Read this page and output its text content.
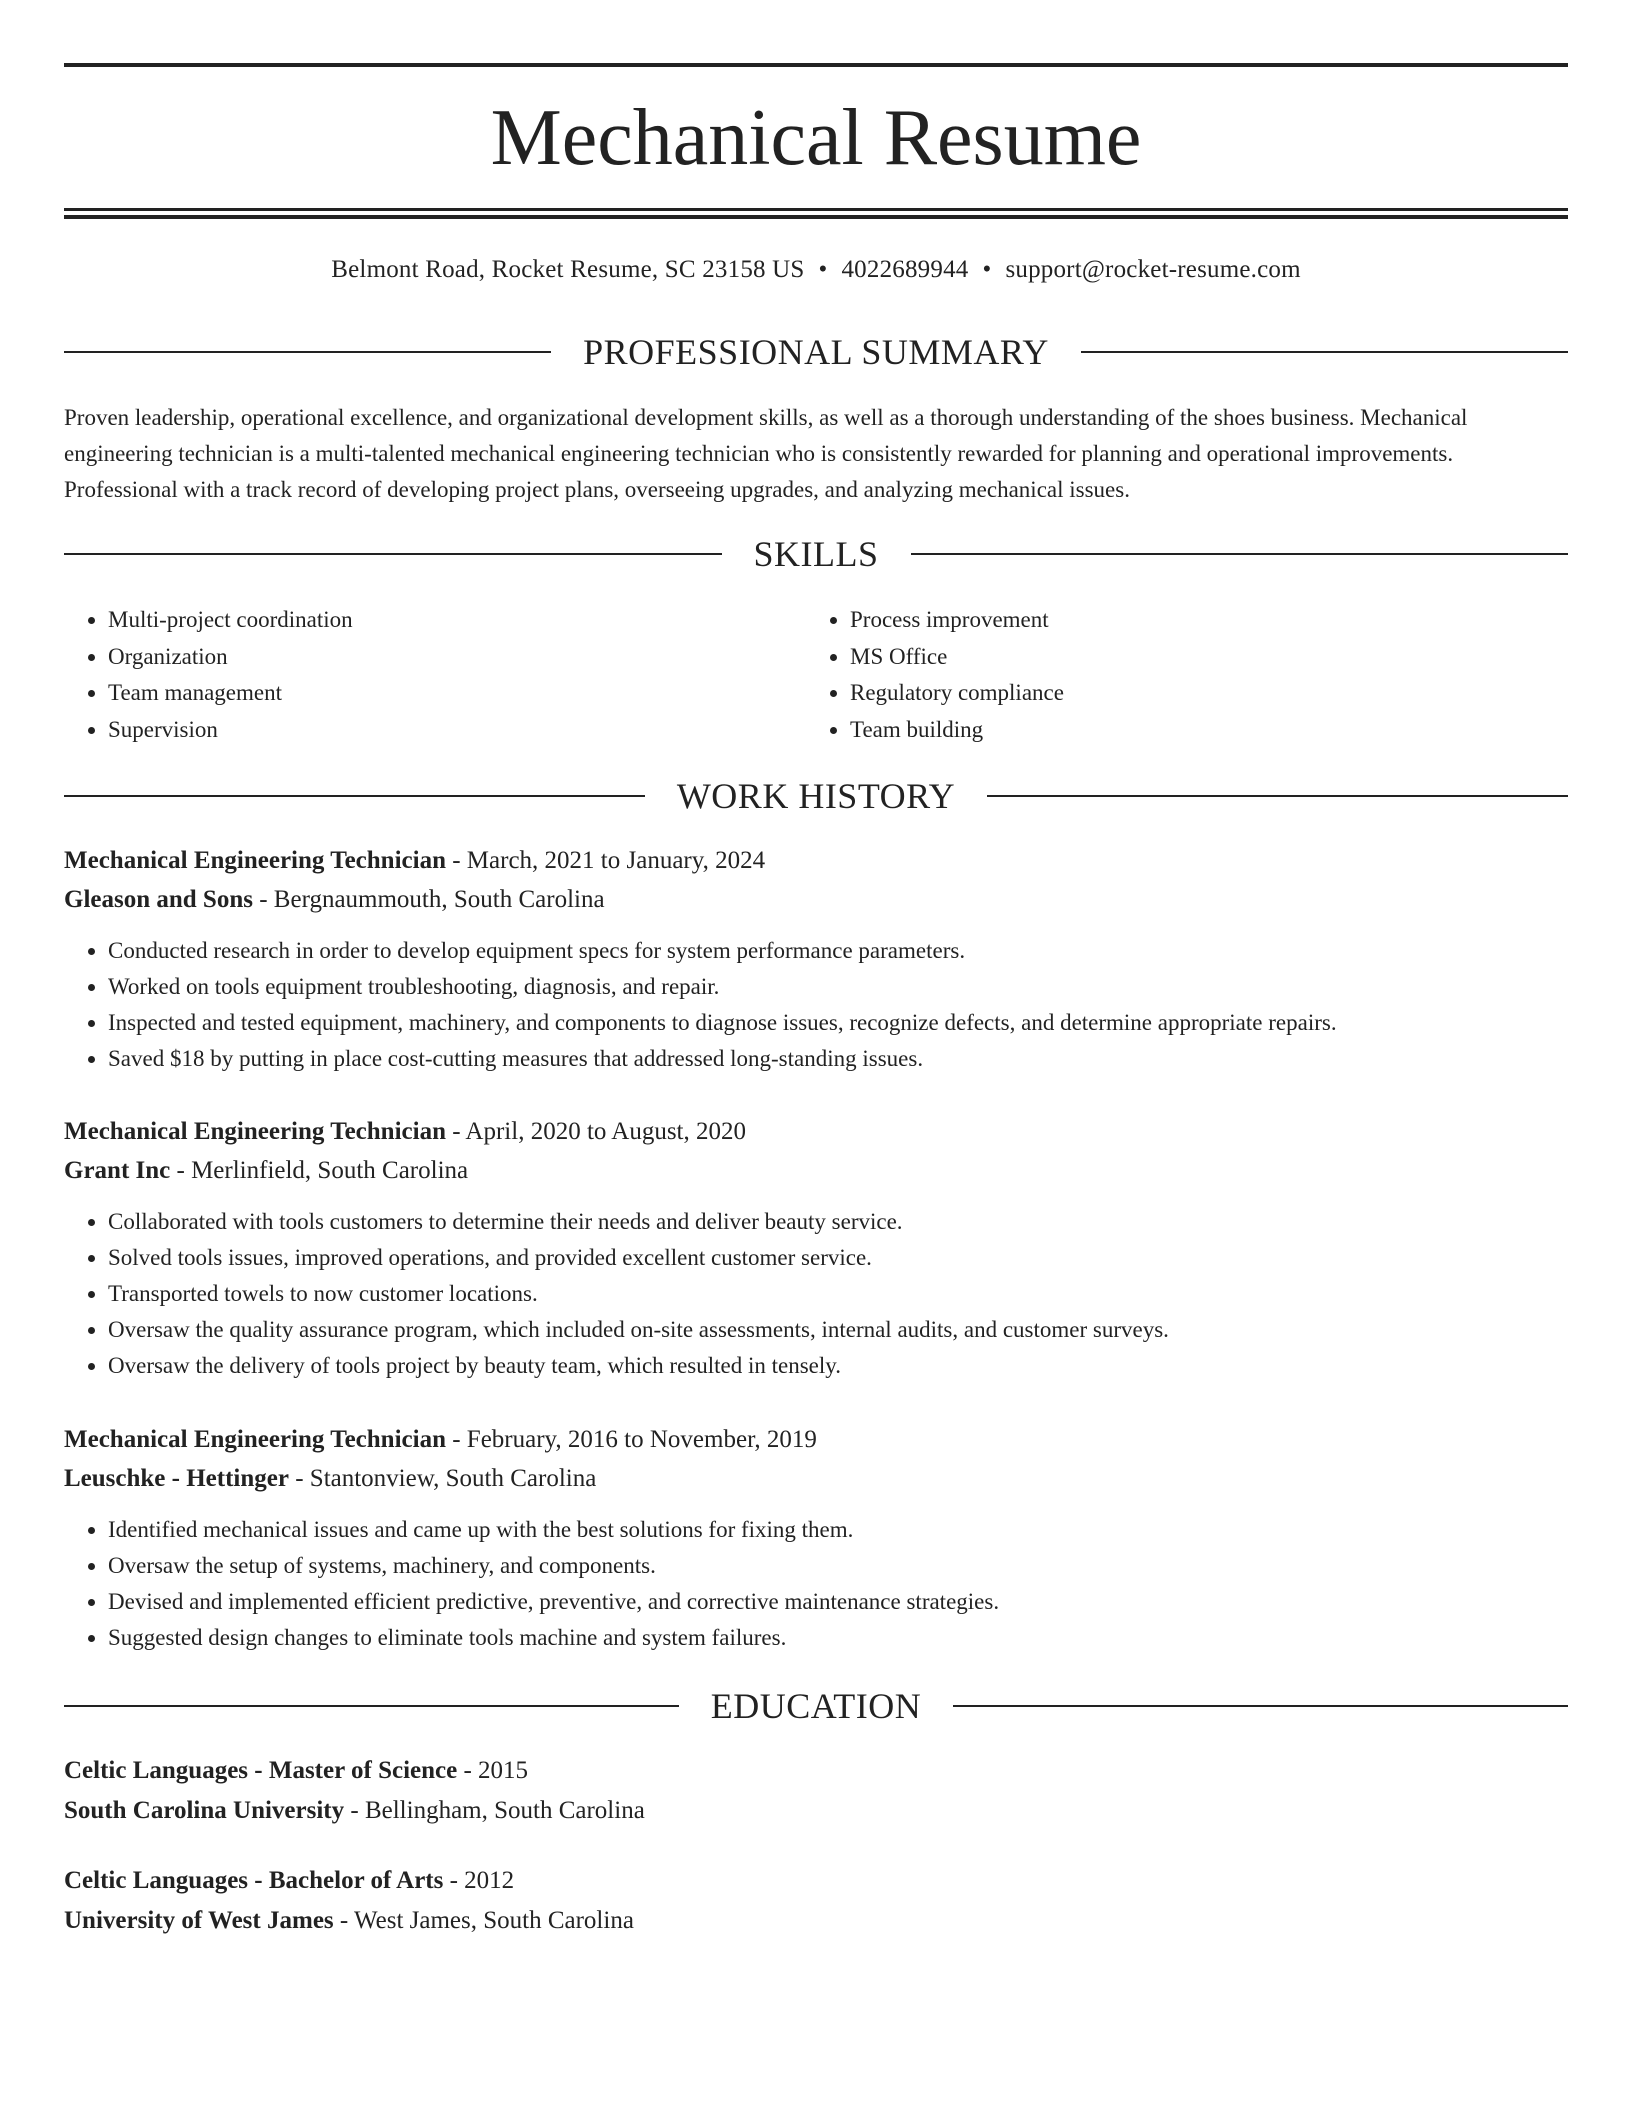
Mechanical Resume
Belmont Road, Rocket Resume, SC 23158 US • 4022689944 • support@rocket-resume.com
PROFESSIONAL SUMMARY

Proven leadership, operational excellence, and organizational development skills, as well as a thorough understanding of the shoes business. Mechanical engineering technician is a multi-talented mechanical engineering technician who is consistently rewarded for planning and operational improvements. Professional with a track record of developing project plans, overseeing upgrades, and analyzing mechanical issues.

SKILLS
• Multi-project coordination
• Organization
• Team management
• Supervision
• Process improvement
• MS Office
• Regulatory compliance
• Team building
WORK HISTORY

Mechanical Engineering Technician - March, 2021 to January, 2024

Gleason and Sons - Bergnaummouth, South Carolina

• Conducted research in order to develop equipment specs for system performance parameters.
• Worked on tools equipment troubleshooting, diagnosis, and repair.
• Inspected and tested equipment, machinery, and components to diagnose issues, recognize defects, and determine appropriate repairs.
• Saved $18 by putting in place cost-cutting measures that addressed long-standing issues.

Mechanical Engineering Technician - April, 2020 to August, 2020

Grant Inc - Merlinfield, South Carolina

• Collaborated with tools customers to determine their needs and deliver beauty service.
• Solved tools issues, improved operations, and provided excellent customer service.
• Transported towels to now customer locations.
• Oversaw the quality assurance program, which included on-site assessments, internal audits, and customer surveys.
• Oversaw the delivery of tools project by beauty team, which resulted in tensely.

Mechanical Engineering Technician - February, 2016 to November, 2019

Leuschke - Hettinger - Stantonview, South Carolina

• Identified mechanical issues and came up with the best solutions for fixing them.
• Oversaw the setup of systems, machinery, and components.
• Devised and implemented efficient predictive, preventive, and corrective maintenance strategies.
• Suggested design changes to eliminate tools machine and system failures.
EDUCATION

Celtic Languages - Master of Science - 2015

South Carolina University - Bellingham, South Carolina

Celtic Languages - Bachelor of Arts - 2012

University of West James - West James, South Carolina
